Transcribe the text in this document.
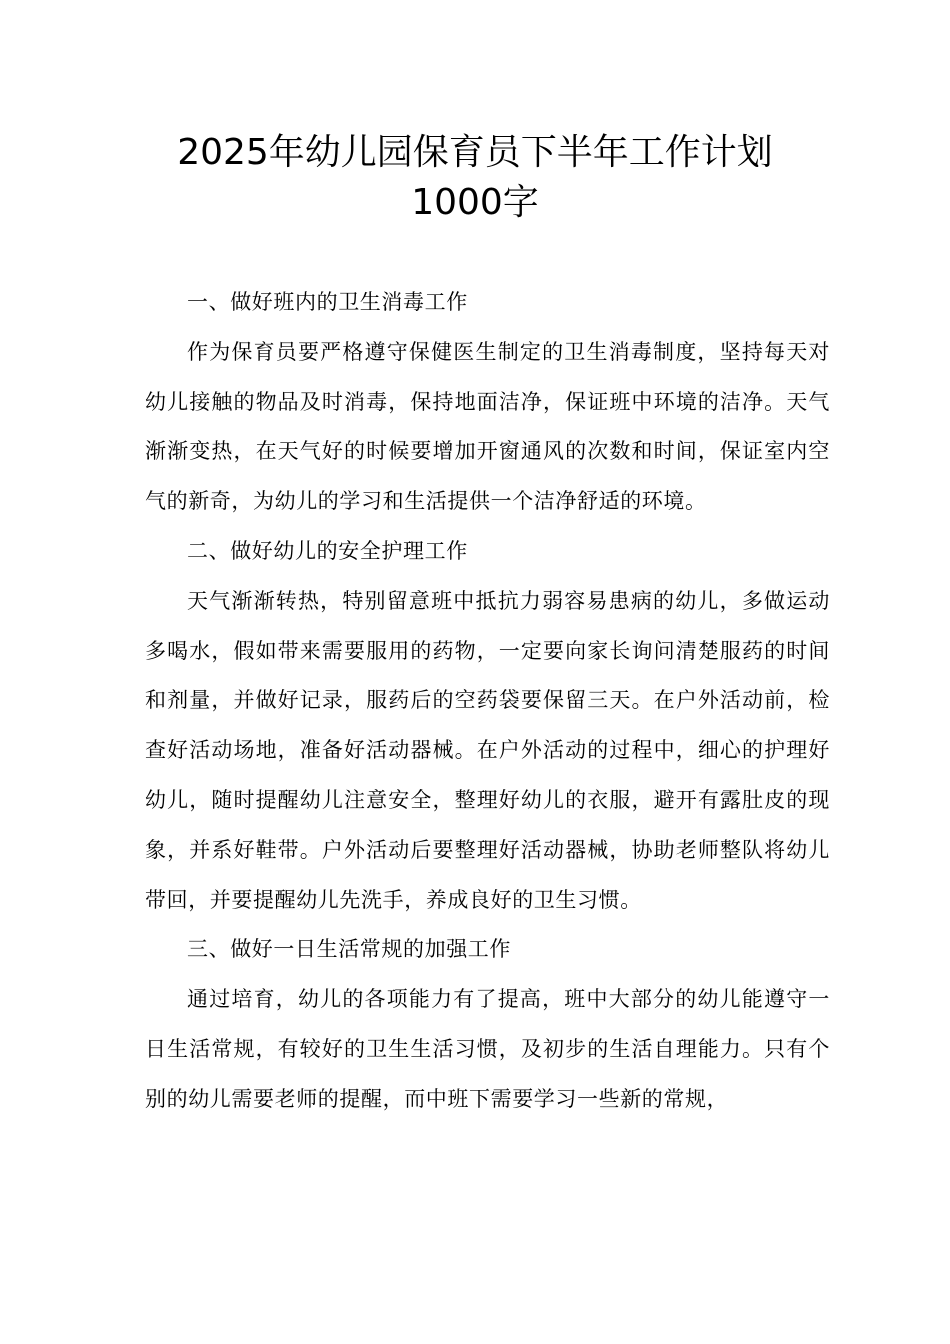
2025年幼儿园保育员下半年工作计划
1000字

一、做好班内的卫生消毒工作

作为保育员要严格遵守保健医生制定的卫生消毒制度，坚持每天对幼儿接触的物品及时消毒，保持地面洁净，保证班中环境的洁净。天气渐渐变热，在天气好的时候要增加开窗通风的次数和时间，保证室内空气的新奇，为幼儿的学习和生活提供一个洁净舒适的环境。

二、做好幼儿的安全护理工作

天气渐渐转热，特别留意班中抵抗力弱容易患病的幼儿，多做运动多喝水，假如带来需要服用的药物，一定要向家长询问清楚服药的时间和剂量，并做好记录，服药后的空药袋要保留三天。在户外活动前，检查好活动场地，准备好活动器械。在户外活动的过程中，细心的护理好幼儿，随时提醒幼儿注意安全，整理好幼儿的衣服，避开有露肚皮的现象，并系好鞋带。户外活动后要整理好活动器械，协助老师整队将幼儿带回，并要提醒幼儿先洗手，养成良好的卫生习惯。

三、做好一日生活常规的加强工作

通过培育，幼儿的各项能力有了提高，班中大部分的幼儿能遵守一日生活常规，有较好的卫生生活习惯，及初步的生活自理能力。只有个别的幼儿需要老师的提醒，而中班下需要学习一些新的常规，
